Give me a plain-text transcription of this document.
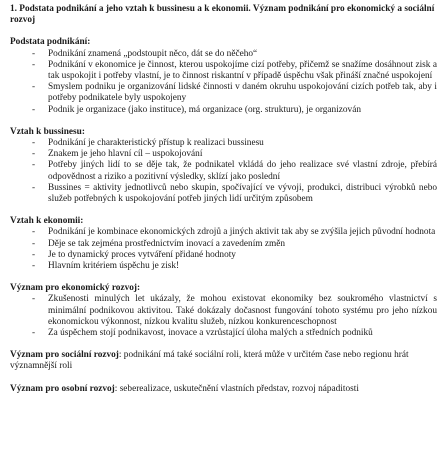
1. Podstata podnikání a jeho vztah k bussinesu a k ekonomii. Význam podnikání pro ekonomický a sociální rozvoj

Podstata podnikání:

- Podnikání znamená „podstoupit něco, dát se do něčeho“
- Podnikání v ekonomice je činnost, kterou uspokojíme cizí potřeby, přičemž se snažíme dosáhnout zisk a tak uspokojit i potřeby vlastní, je to činnost riskantní v případě úspěchu však přináší značné uspokojení
- Smyslem podniku je organizování lidské činnosti v daném okruhu uspokojování cizích potřeb tak, aby i potřeby podnikatele byly uspokojeny
- Podnik je organizace (jako instituce), má organizace (org. strukturu), je organizován

Vztah k bussinesu:

- Podnikání je charakteristický přístup k realizaci bussinesu
- Znakem je jeho hlavní cíl – uspokojování
- Potřeby jiných lidí to se děje tak, že podnikatel vkládá do jeho realizace své vlastní zdroje, přebírá odpovědnost a riziko a pozitivní výsledky, sklízí jako poslední
- Bussines = aktivity jednotlivců nebo skupin, spočívající ve vývoji, produkci, distribuci výrobků nebo služeb potřebných k uspokojování potřeb jiných lidí určitým způsobem

Vztah k ekonomii:

- Podnikání je kombinace ekonomických zdrojů a jiných aktivit tak aby se zvýšila jejich původní hodnota
- Děje se tak zejména prostřednictvím inovací a zavedením změn
- Je to dynamický proces vytváření přidané hodnoty
- Hlavním kritériem úspěchu je zisk!

Význam pro ekonomický rozvoj:

- Zkušenosti minulých let ukázaly, že mohou existovat ekonomiky bez soukromého vlastnictví s minimální podnikovou aktivitou. Také dokázaly dočasnost fungování tohoto systému pro jeho nízkou ekonomickou výkonnost, nízkou kvalitu služeb, nízkou konkurenceschopnost
- Za úspěchem stojí podnikavost, inovace a vzrůstající úloha malých a středních podniků

Význam pro sociální rozvoj: podnikání má také sociální roli, která může v určitém čase nebo regionu hrát významnější roli

Význam pro osobní rozvoj: seberealizace, uskutečnění vlastních představ, rozvoj nápaditosti
